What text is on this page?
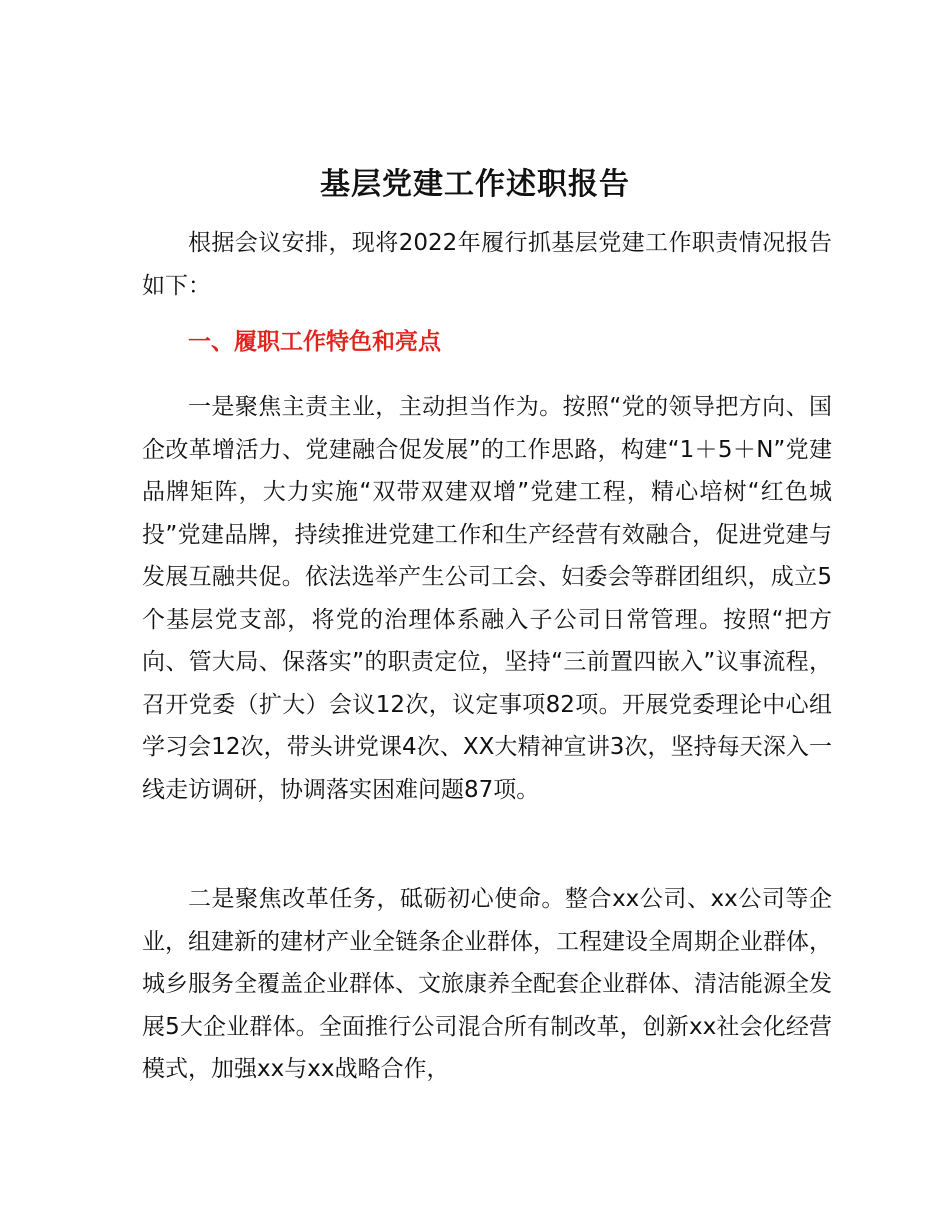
基层党建工作述职报告

根据会议安排，现将2022年履行抓基层党建工作职责情况报告如下：

一、履职工作特色和亮点

一是聚焦主责主业，主动担当作为。按照“党的领导把方向、国企改革增活力、党建融合促发展”的工作思路，构建“1＋5＋N”党建品牌矩阵，大力实施“双带双建双增”党建工程，精心培树“红色城投”党建品牌，持续推进党建工作和生产经营有效融合，促进党建与发展互融共促。依法选举产生公司工会、妇委会等群团组织，成立5个基层党支部，将党的治理体系融入子公司日常管理。按照“把方向、管大局、保落实”的职责定位，坚持“三前置四嵌入”议事流程，召开党委（扩大）会议12次，议定事项82项。开展党委理论中心组学习会12次，带头讲党课4次、XX大精神宣讲3次，坚持每天深入一线走访调研，协调落实困难问题87项。

二是聚焦改革任务，砥砺初心使命。整合xx公司、xx公司等企业，组建新的建材产业全链条企业群体，工程建设全周期企业群体，城乡服务全覆盖企业群体、文旅康养全配套企业群体、清洁能源全发展5大企业群体。全面推行公司混合所有制改革，创新xx社会化经营模式，加强xx与xx战略合作，
